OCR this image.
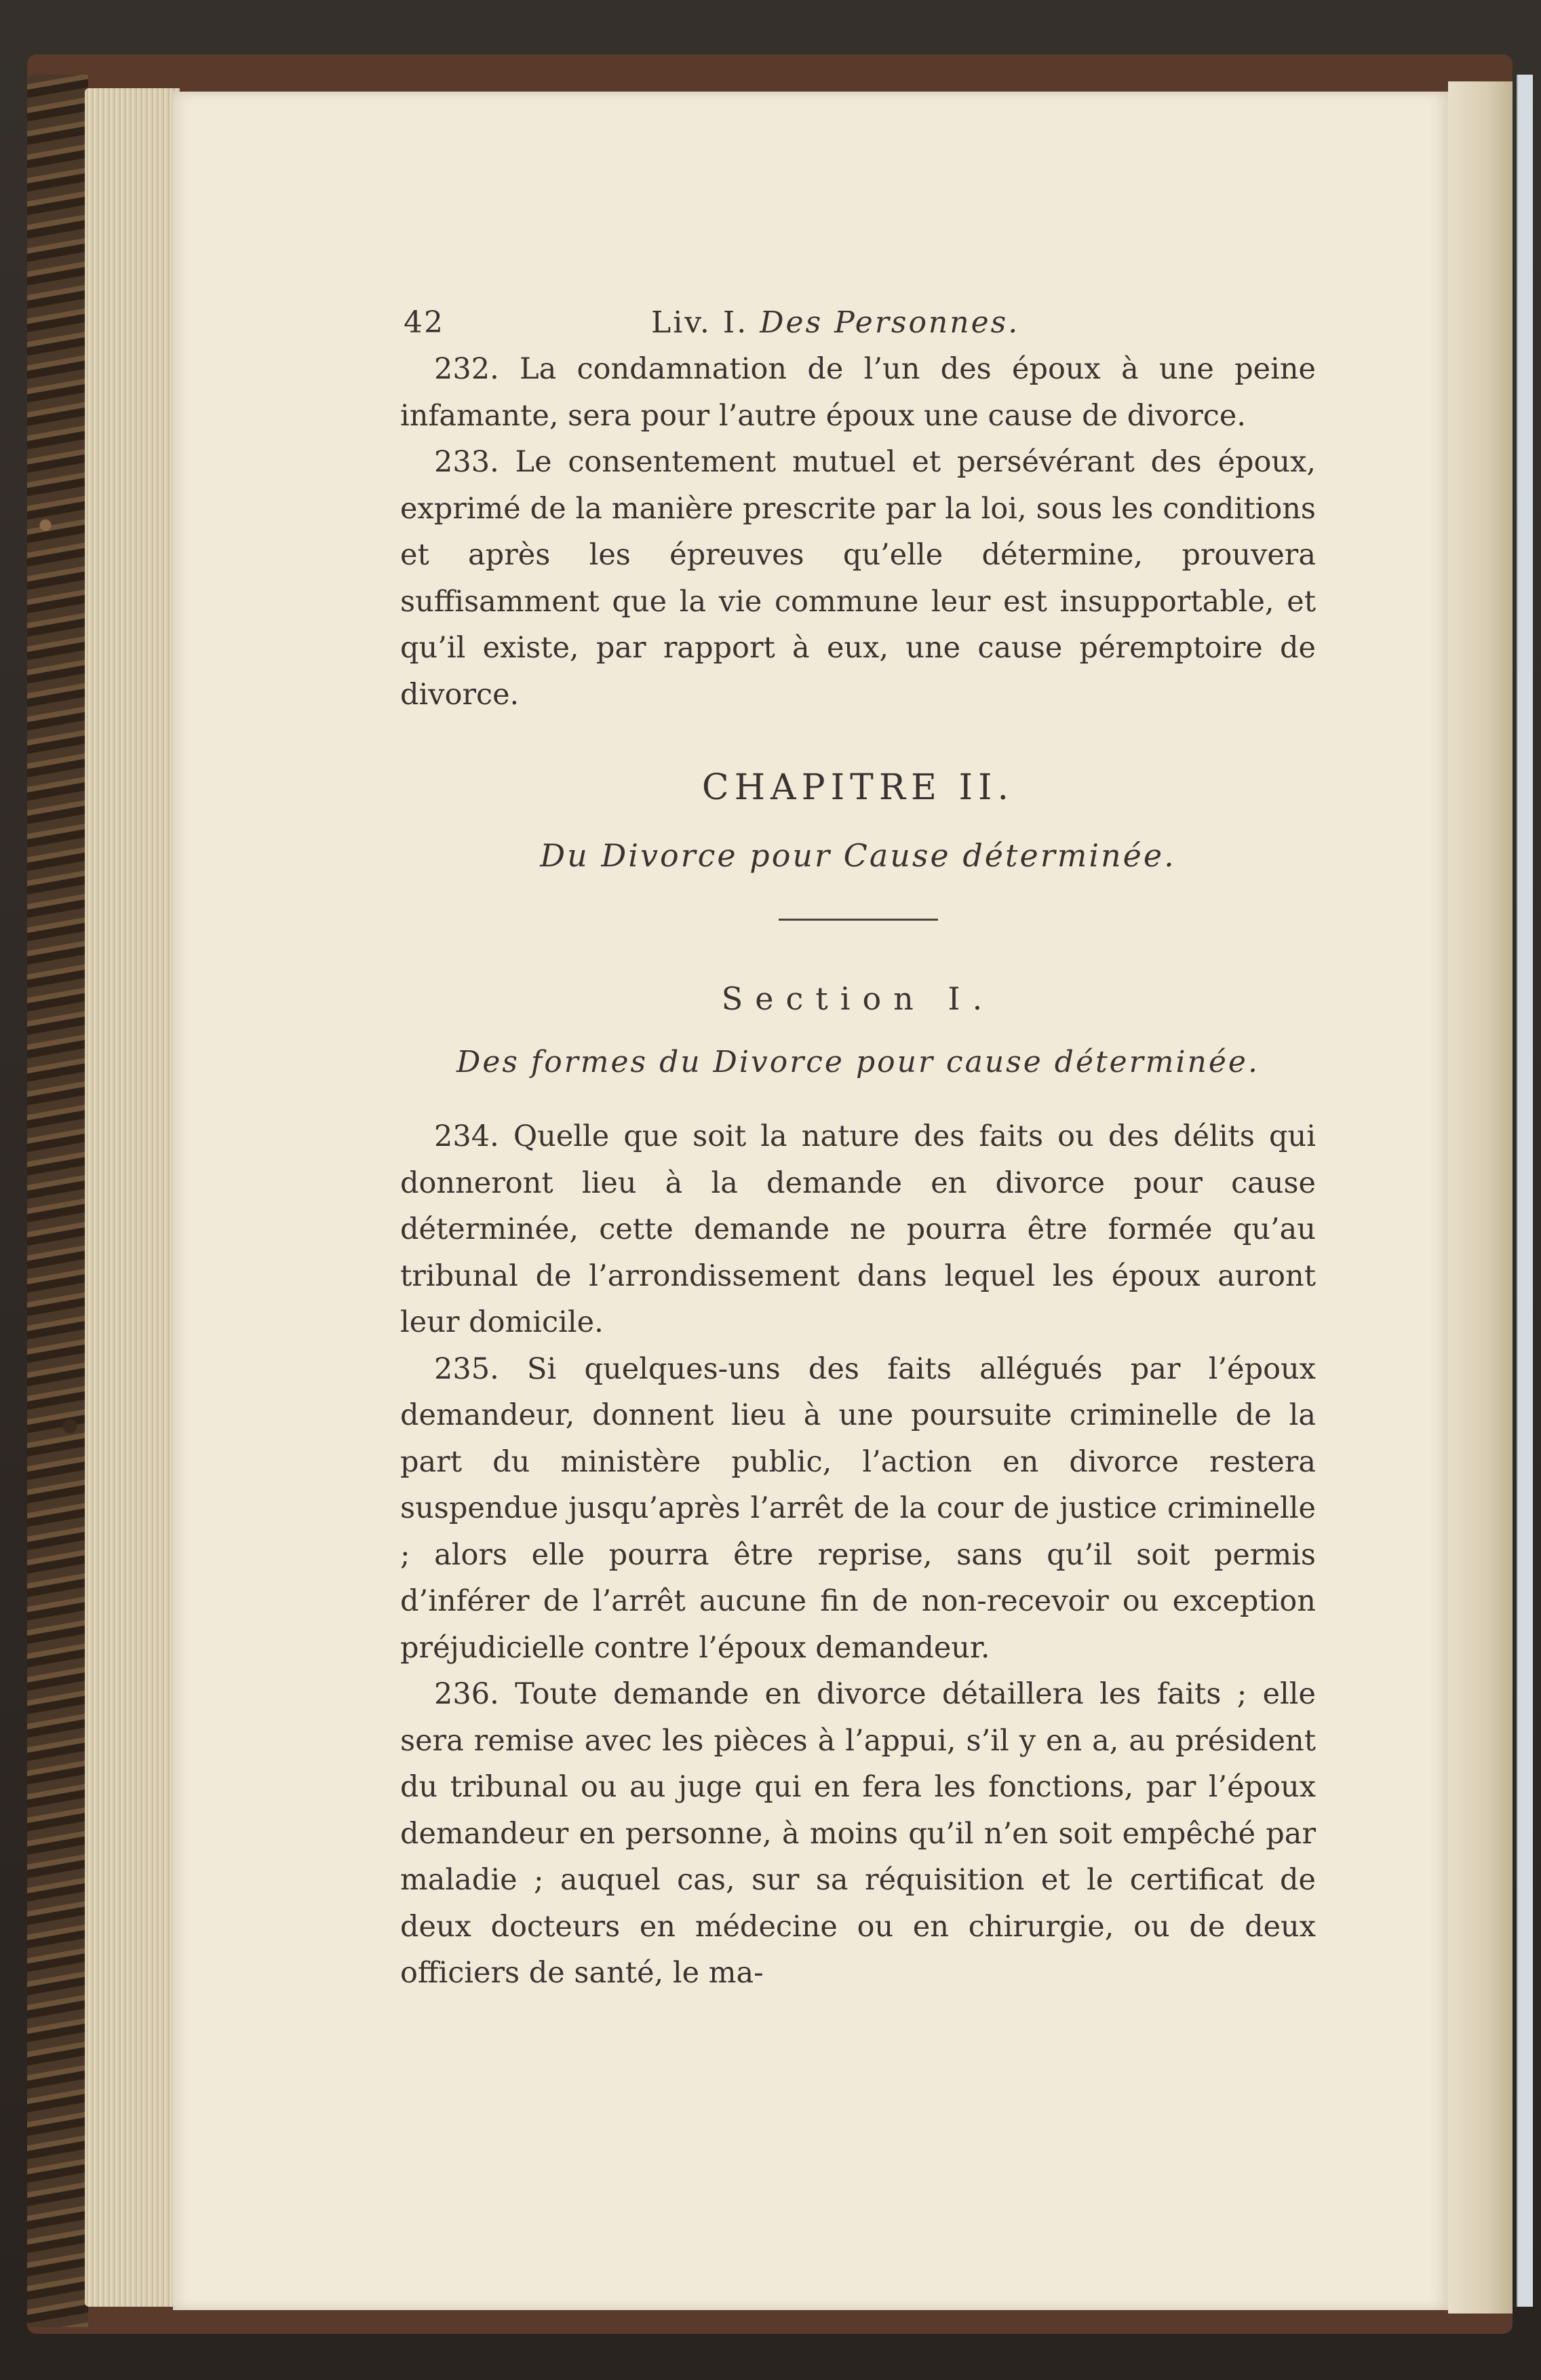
42	Liv. I. Des Personnes.

232. La condamnation de l’un des époux à une peine infamante, sera pour l’autre époux une cause de divorce.

233. Le consentement mutuel et persévérant des époux, exprimé de la manière prescrite par la loi, sous les conditions et après les épreuves qu’elle détermine, prouvera suffisamment que la vie commune leur est insupportable, et qu’il existe, par rapport à eux, une cause péremptoire de divorce.

CHAPITRE II.
Du Divorce pour Cause déterminée.
Section I.
Des formes du Divorce pour cause déterminée.

234. Quelle que soit la nature des faits ou des délits qui donneront lieu à la demande en divorce pour cause déterminée, cette demande ne pourra être formée qu’au tribunal de l’arrondissement dans lequel les époux auront leur domicile.

235. Si quelques-uns des faits allégués par l’époux demandeur, donnent lieu à une poursuite criminelle de la part du ministère public, l’action en divorce restera suspendue jusqu’après l’arrêt de la cour de justice criminelle ; alors elle pourra être reprise, sans qu’il soit permis d’inférer de l’arrêt aucune fin de non-recevoir ou exception préjudicielle contre l’époux demandeur.

236. Toute demande en divorce détaillera les faits ; elle sera remise avec les pièces à l’appui, s’il y en a, au président du tribunal ou au juge qui en fera les fonctions, par l’époux demandeur en personne, à moins qu’il n’en soit empêché par maladie ; auquel cas, sur sa réquisition et le certificat de deux docteurs en médecine ou en chirurgie, ou de deux officiers de santé, le ma-
